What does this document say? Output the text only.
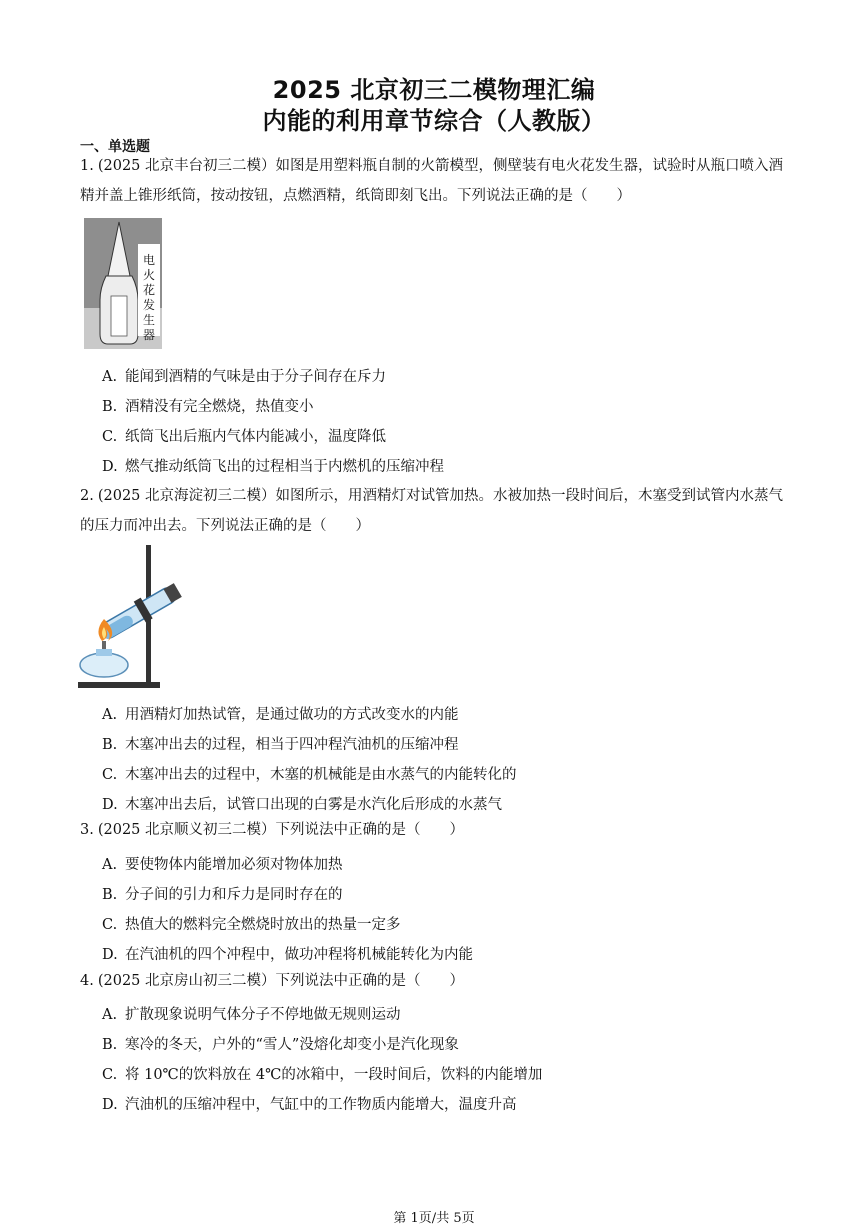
2025 北京初三二模物理汇编
内能的利用章节综合（人教版）
一、单选题
1. (2025 北京丰台初三二模）如图是用塑料瓶自制的火箭模型，侧壁装有电火花发生器，试验时从瓶口喷入酒精并盖上锥形纸筒，按动按钮，点燃酒精，纸筒即刻飞出。下列说法正确的是（　　）
电
火
花
发
生
器
A. 能闻到酒精的气味是由于分子间存在斥力
B. 酒精没有完全燃烧，热值变小
C. 纸筒飞出后瓶内气体内能减小，温度降低
D. 燃气推动纸筒飞出的过程相当于内燃机的压缩冲程
2. (2025 北京海淀初三二模）如图所示，用酒精灯对试管加热。水被加热一段时间后，木塞受到试管内水蒸气的压力而冲出去。下列说法正确的是（　　）
A. 用酒精灯加热试管，是通过做功的方式改变水的内能
B. 木塞冲出去的过程，相当于四冲程汽油机的压缩冲程
C. 木塞冲出去的过程中，木塞的机械能是由水蒸气的内能转化的
D. 木塞冲出去后，试管口出现的白雾是水汽化后形成的水蒸气
3. (2025 北京顺义初三二模）下列说法中正确的是（　　）
A. 要使物体内能增加必须对物体加热
B. 分子间的引力和斥力是同时存在的
C. 热值大的燃料完全燃烧时放出的热量一定多
D. 在汽油机的四个冲程中，做功冲程将机械能转化为内能
4. (2025 北京房山初三二模）下列说法中正确的是（　　）
A. 扩散现象说明气体分子不停地做无规则运动
B. 寒冷的冬天，户外的“雪人”没熔化却变小是汽化现象
C. 将 10℃的饮料放在 4℃的冰箱中，一段时间后，饮料的内能增加
D. 汽油机的压缩冲程中，气缸中的工作物质内能增大，温度升高
第 1页/共 5页
